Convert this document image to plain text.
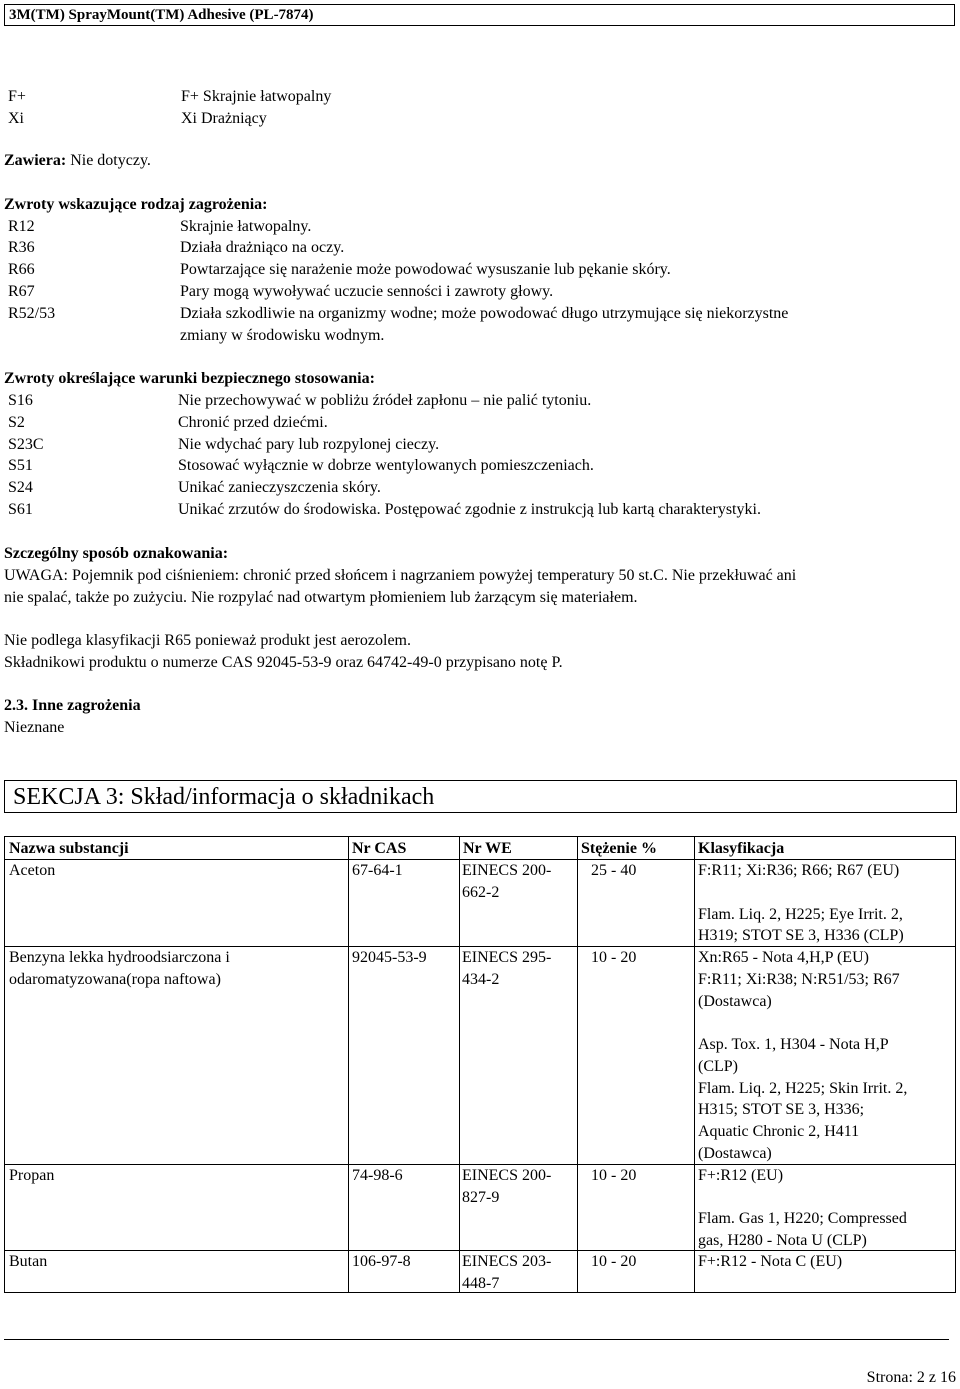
3M(TM) SprayMount(TM) Adhesive (PL-7874)
F+	F+ Skrajnie łatwopalny
Xi	Xi Drażniący
Zawiera: Nie dotyczy.
Zwroty wskazujące rodzaj zagrożenia:
R12	Skrajnie łatwopalny.
R36	Działa drażniąco na oczy.
R66	Powtarzające się narażenie może powodować wysuszanie lub pękanie skóry.
R67	Pary mogą wywoływać uczucie senności i zawroty głowy.
R52/53	Działa szkodliwie na organizmy wodne; może powodować długo utrzymujące się niekorzystne
zmiany w środowisku wodnym.
Zwroty określające warunki bezpiecznego stosowania:
S16	Nie przechowywać w pobliżu źródeł zapłonu – nie palić tytoniu.
S2	Chronić przed dziećmi.
S23C	Nie wdychać pary lub rozpylonej cieczy.
S51	Stosować wyłącznie w dobrze wentylowanych pomieszczeniach.
S24	Unikać zanieczyszczenia skóry.
S61	Unikać zrzutów do środowiska. Postępować zgodnie z instrukcją lub kartą charakterystyki.
Szczególny sposób oznakowania:
UWAGA: Pojemnik pod ciśnieniem: chronić przed słońcem i nagrzaniem powyżej temperatury 50 st.C. Nie przekłuwać ani
nie spalać, także po zużyciu. Nie rozpylać nad otwartym płomieniem lub żarzącym się materiałem.
Nie podlega klasyfikacji R65 ponieważ produkt jest aerozolem.
Składnikowi produktu o numerze CAS 92045-53-9 oraz 64742-49-0 przypisano notę P.
2.3. Inne zagrożenia
Nieznane
SEKCJA 3: Skład/informacja o składnikach
Nazwa substancji	Nr CAS	Nr WE	Stężenie %	Klasyfikacja
Aceton	67-64-1	EINECS 200-
662-2
25 - 40	F:R11; Xi:R36; R66; R67 (EU)
Flam. Liq. 2, H225; Eye Irrit. 2,
H319; STOT SE 3, H336 (CLP)
Benzyna lekka hydroodsiarczona i
odaromatyzowana(ropa naftowa)
92045-53-9 EINECS 295-
434-2
10 - 20	Xn:R65 - Nota 4,H,P (EU)
F:R11; Xi:R38; N:R51/53; R67
(Dostawca)
Asp. Tox. 1, H304 - Nota H,P
(CLP)
Flam. Liq. 2, H225; Skin Irrit. 2,
H315; STOT SE 3, H336;
Aquatic Chronic 2, H411
(Dostawca)
Propan	74-98-6	EINECS 200-
827-9
10 - 20	F+:R12 (EU)
Flam. Gas 1, H220; Compressed
gas, H280 - Nota U (CLP)
Butan	106-97-8	EINECS 203-
448-7
10 - 20	F+:R12 - Nota C (EU)
Strona: 2 z 16
